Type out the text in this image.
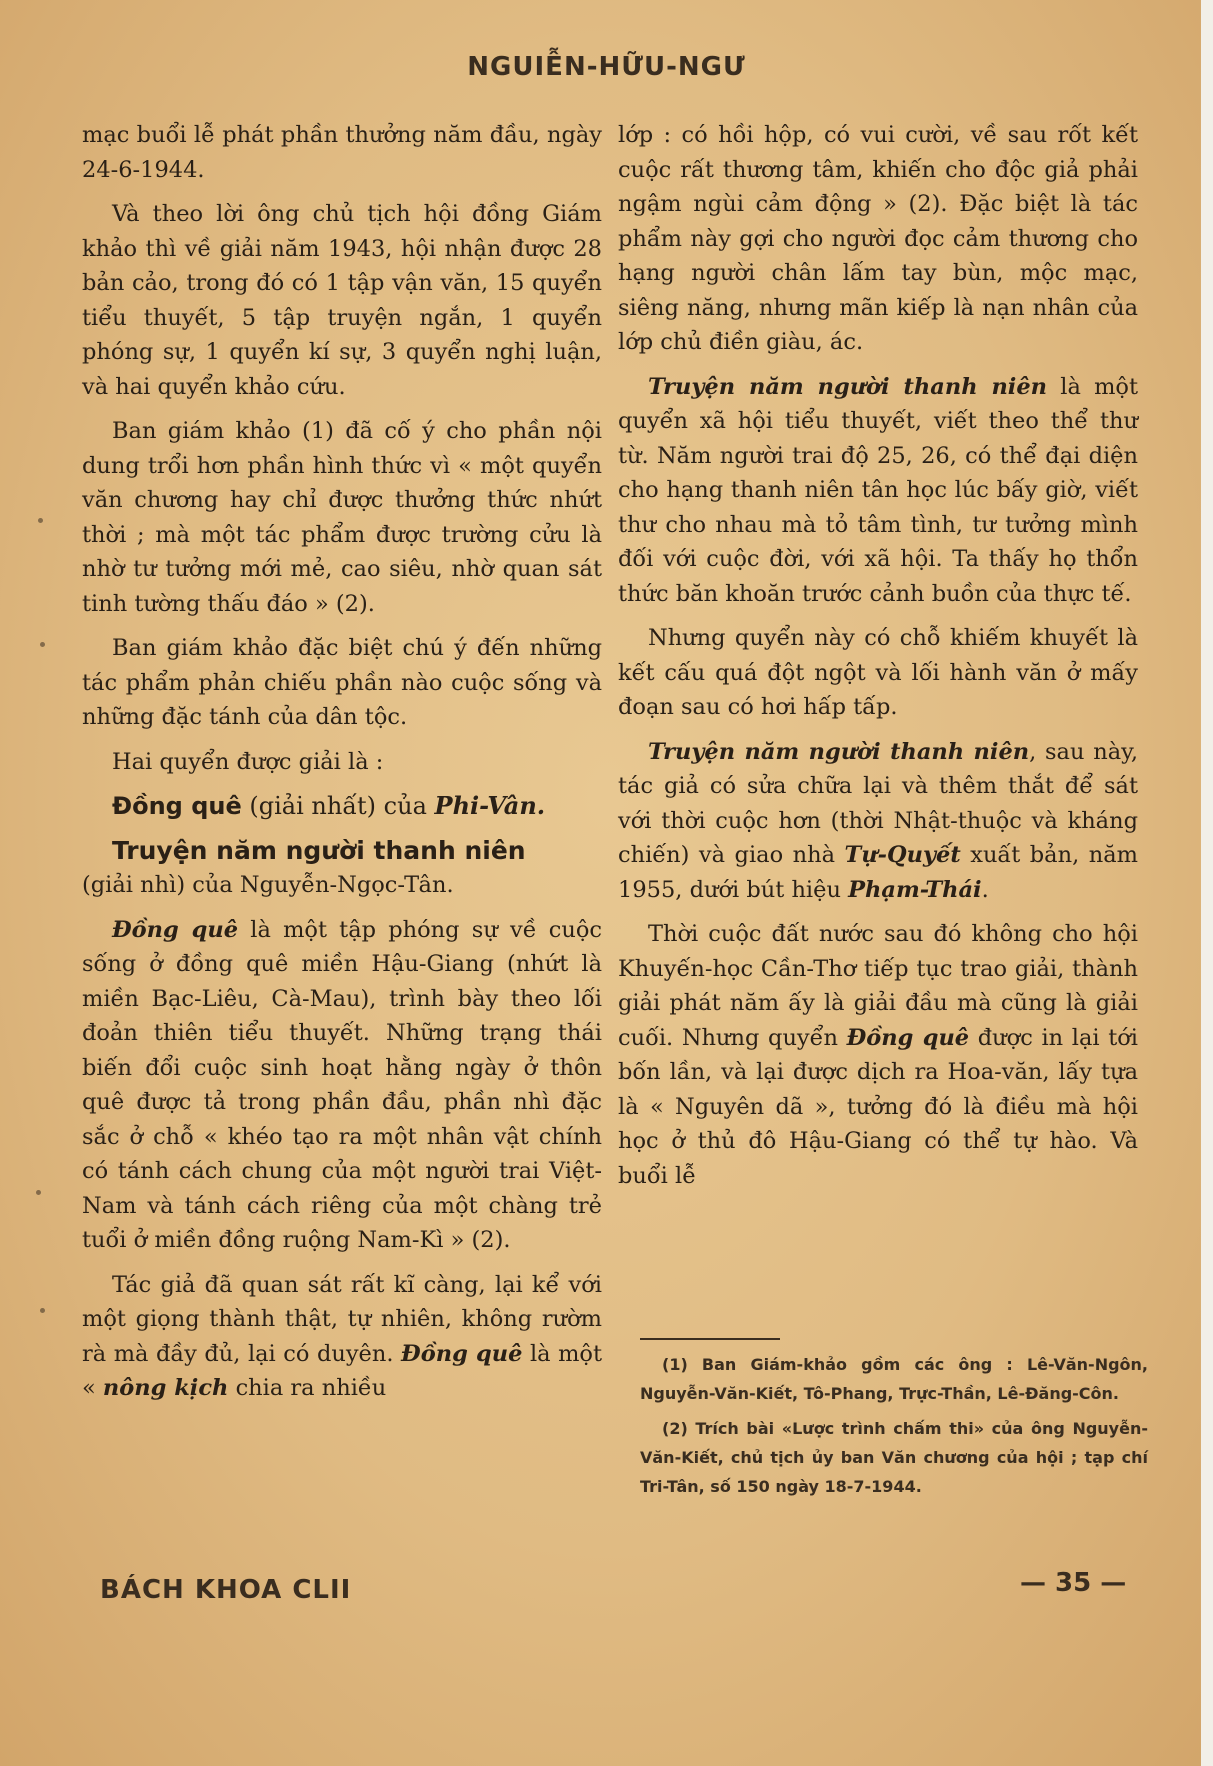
NGUIỄN-HỮU-NGƯ

mạc buổi lễ phát phần thưởng năm đầu, ngày 24-6-1944.

Và theo lời ông chủ tịch hội đồng Giám khảo thì về giải năm 1943, hội nhận được 28 bản cảo, trong đó có 1 tập vận văn, 15 quyển tiểu thuyết, 5 tập truyện ngắn, 1 quyển phóng sự, 1 quyển kí sự, 3 quyển nghị luận, và hai quyển khảo cứu.

Ban giám khảo (1) đã cố ý cho phần nội dung trổi hơn phần hình thức vì « một quyển văn chương hay chỉ được thưởng thức nhứt thời ; mà một tác phẩm được trường cửu là nhờ tư tưởng mới mẻ, cao siêu, nhờ quan sát tinh tường thấu đáo » (2).

Ban giám khảo đặc biệt chú ý đến những tác phẩm phản chiếu phần nào cuộc sống và những đặc tánh của dân tộc.

Hai quyển được giải là :

Đồng quê (giải nhất) của Phi-Vân.

Truyện năm người thanh niên

(giải nhì) của Nguyễn-Ngọc-Tân.

Đồng quê là một tập phóng sự về cuộc sống ở đồng quê miền Hậu-Giang (nhứt là miền Bạc-Liêu, Cà-Mau), trình bày theo lối đoản thiên tiểu thuyết. Những trạng thái biến đổi cuộc sinh hoạt hằng ngày ở thôn quê được tả trong phần đầu, phần nhì đặc sắc ở chỗ « khéo tạo ra một nhân vật chính có tánh cách chung của một người trai Việt-Nam và tánh cách riêng của một chàng trẻ tuổi ở miền đồng ruộng Nam-Kì » (2).

Tác giả đã quan sát rất kĩ càng, lại kể với một giọng thành thật, tự nhiên, không rườm rà mà đầy đủ, lại có duyên. Đồng quê là một « nông kịch chia ra nhiều

lớp : có hồi hộp, có vui cười, về sau rốt kết cuộc rất thương tâm, khiến cho độc giả phải ngậm ngùi cảm động » (2). Đặc biệt là tác phẩm này gợi cho người đọc cảm thương cho hạng người chân lấm tay bùn, mộc mạc, siêng năng, nhưng mãn kiếp là nạn nhân của lớp chủ điền giàu, ác.

Truyện năm người thanh niên là một quyển xã hội tiểu thuyết, viết theo thể thư từ. Năm người trai độ 25, 26, có thể đại diện cho hạng thanh niên tân học lúc bấy giờ, viết thư cho nhau mà tỏ tâm tình, tư tưởng mình đối với cuộc đời, với xã hội. Ta thấy họ thổn thức băn khoăn trước cảnh buồn của thực tế.

Nhưng quyển này có chỗ khiếm khuyết là kết cấu quá đột ngột và lối hành văn ở mấy đoạn sau có hơi hấp tấp.

Truyện năm người thanh niên, sau này, tác giả có sửa chữa lại và thêm thắt để sát với thời cuộc hơn (thời Nhật-thuộc và kháng chiến) và giao nhà Tự-Quyết xuất bản, năm 1955, dưới bút hiệu Phạm-Thái.

Thời cuộc đất nước sau đó không cho hội Khuyến-học Cần-Thơ tiếp tục trao giải, thành giải phát năm ấy là giải đầu mà cũng là giải cuối. Nhưng quyển Đồng quê được in lại tới bốn lần, và lại được dịch ra Hoa-văn, lấy tựa là « Nguyên dã », tưởng đó là điều mà hội học ở thủ đô Hậu-Giang có thể tự hào. Và buổi lễ

(1) Ban Giám-khảo gồm các ông : Lê-Văn-Ngôn, Nguyễn-Văn-Kiết, Tô-Phang, Trực-Thần, Lê-Đăng-Côn.

(2) Trích bài «Lược trình chấm thi» của ông Nguyễn-Văn-Kiết, chủ tịch ủy ban Văn chương của hội ; tạp chí Tri-Tân, số 150 ngày 18-7-1944.

BÁCH KHOA CLII	— 35 —
